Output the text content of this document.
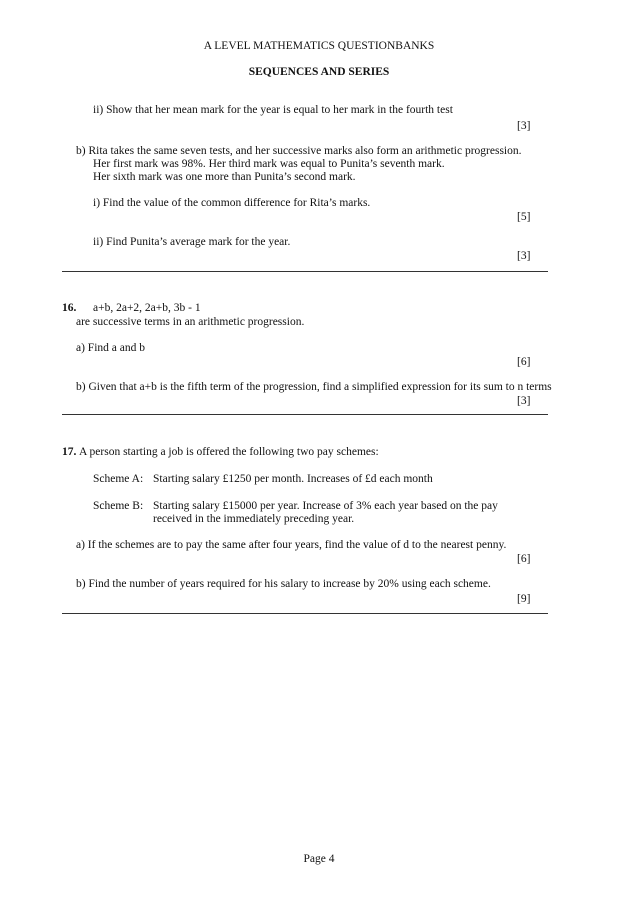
A LEVEL MATHEMATICS QUESTIONBANKS
SEQUENCES AND SERIES
ii) Show that her mean mark for the year is equal to her mark in the fourth test
[3]
b) Rita takes the same seven tests, and her successive marks also form an arithmetic progression.
Her first mark was 98%. Her third mark was equal to Punita’s seventh mark.
Her sixth mark was one more than Punita’s second mark.
i) Find the value of the common difference for Rita’s marks.
[5]
ii) Find Punita’s average mark for the year.
[3]
16. a+b, 2a+2, 2a+b, 3b - 1
are successive terms in an arithmetic progression.
a) Find a and b
[6]
b) Given that a+b is the fifth term of the progression, find a simplified expression for its sum to n terms
[3]
17. A person starting a job is offered the following two pay schemes:
Scheme A: Starting salary £1250 per month. Increases of £d each month
Scheme B: Starting salary £15000 per year. Increase of 3% each year based on the pay
received in the immediately preceding year.
a) If the schemes are to pay the same after four years, find the value of d to the nearest penny.
[6]
b) Find the number of years required for his salary to increase by 20% using each scheme.
[9]
Page 4
